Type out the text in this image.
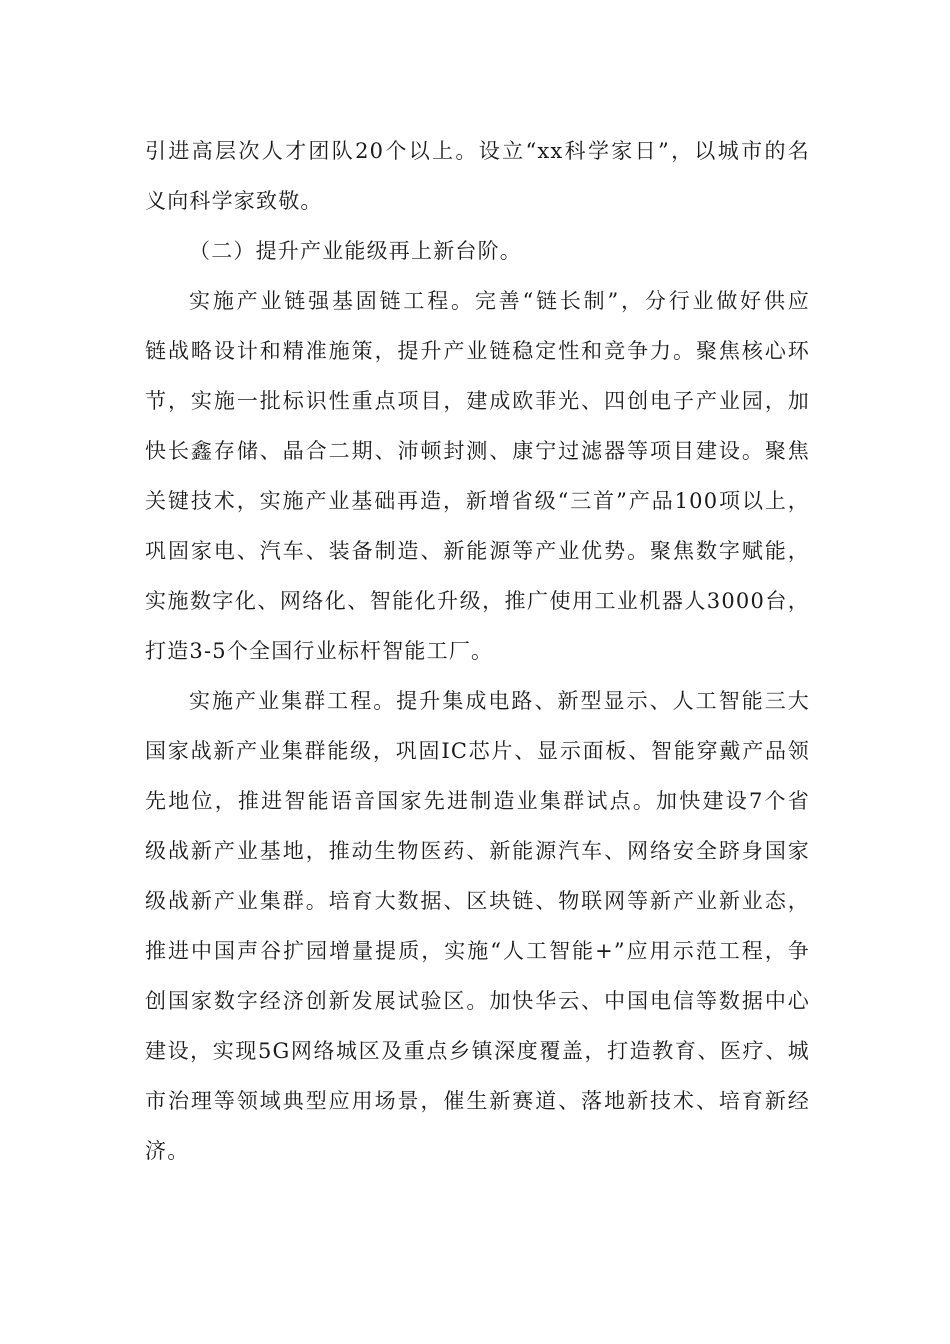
引进高层次人才团队20个以上。设立“xx科学家日”，以城市的名
义向科学家致敬。

（二）提升产业能级再上新台阶。

实施产业链强基固链工程。完善“链长制”，分行业做好供应
链战略设计和精准施策，提升产业链稳定性和竞争力。聚焦核心环
节，实施一批标识性重点项目，建成欧菲光、四创电子产业园，加
快长鑫存储、晶合二期、沛顿封测、康宁过滤器等项目建设。聚焦
关键技术，实施产业基础再造，新增省级“三首”产品100项以上，
巩固家电、汽车、装备制造、新能源等产业优势。聚焦数字赋能，
实施数字化、网络化、智能化升级，推广使用工业机器人3000台，
打造3-5个全国行业标杆智能工厂。

实施产业集群工程。提升集成电路、新型显示、人工智能三大
国家战新产业集群能级，巩固IC芯片、显示面板、智能穿戴产品领
先地位，推进智能语音国家先进制造业集群试点。加快建设7个省
级战新产业基地，推动生物医药、新能源汽车、网络安全跻身国家
级战新产业集群。培育大数据、区块链、物联网等新产业新业态，
推进中国声谷扩园增量提质，实施“人工智能+”应用示范工程，争
创国家数字经济创新发展试验区。加快华云、中国电信等数据中心
建设，实现5G网络城区及重点乡镇深度覆盖，打造教育、医疗、城
市治理等领域典型应用场景，催生新赛道、落地新技术、培育新经
济。
